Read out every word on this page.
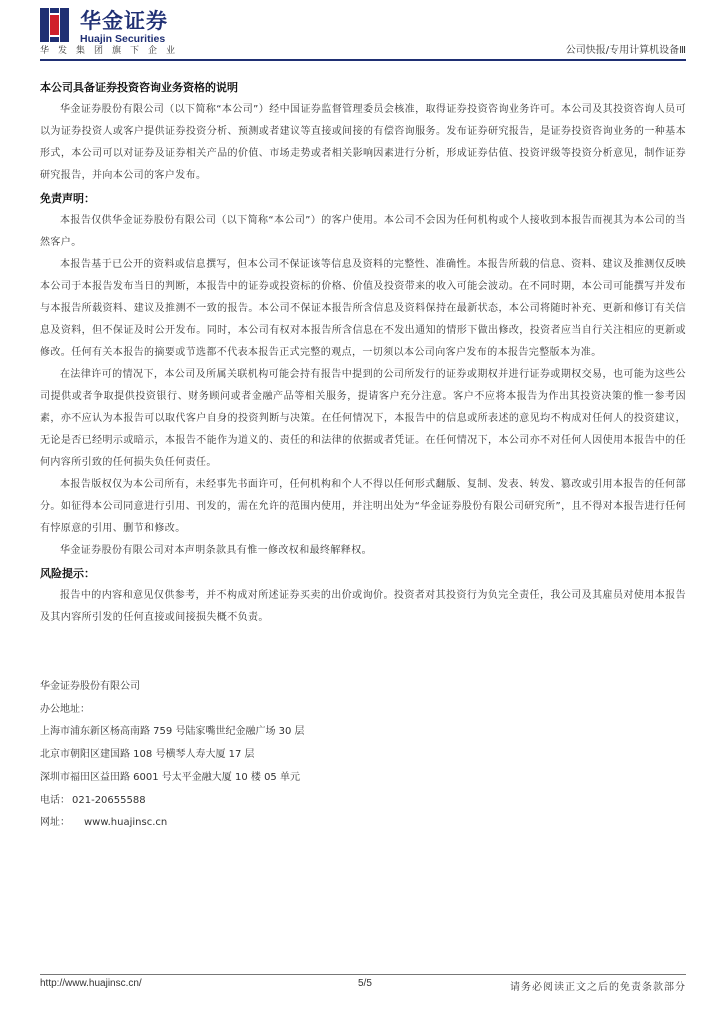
华金证券
Huajin Securities
华发集团旗下企业	公司快报/专用计算机设备Ⅲ
本公司具备证券投资咨询业务资格的说明

华金证券股份有限公司（以下简称“本公司”）经中国证券监督管理委员会核准，取得证券投资咨询业务许可。本公司及其投资咨询人员可以为证券投资人或客户提供证券投资分析、预测或者建议等直接或间接的有偿咨询服务。发布证券研究报告，是证券投资咨询业务的一种基本形式，本公司可以对证券及证券相关产品的价值、市场走势或者相关影响因素进行分析，形成证券估值、投资评级等投资分析意见，制作证券研究报告，并向本公司的客户发布。

免责声明：

本报告仅供华金证券股份有限公司（以下简称“本公司”）的客户使用。本公司不会因为任何机构或个人接收到本报告而视其为本公司的当然客户。

本报告基于已公开的资料或信息撰写，但本公司不保证该等信息及资料的完整性、准确性。本报告所载的信息、资料、建议及推测仅反映本公司于本报告发布当日的判断，本报告中的证券或投资标的价格、价值及投资带来的收入可能会波动。在不同时期，本公司可能撰写并发布与本报告所载资料、建议及推测不一致的报告。本公司不保证本报告所含信息及资料保持在最新状态，本公司将随时补充、更新和修订有关信息及资料，但不保证及时公开发布。同时，本公司有权对本报告所含信息在不发出通知的情形下做出修改，投资者应当自行关注相应的更新或修改。任何有关本报告的摘要或节选都不代表本报告正式完整的观点，一切须以本公司向客户发布的本报告完整版本为准。

在法律许可的情况下，本公司及所属关联机构可能会持有报告中提到的公司所发行的证券或期权并进行证券或期权交易，也可能为这些公司提供或者争取提供投资银行、财务顾问或者金融产品等相关服务，提请客户充分注意。客户不应将本报告为作出其投资决策的惟一参考因素，亦不应认为本报告可以取代客户自身的投资判断与决策。在任何情况下，本报告中的信息或所表述的意见均不构成对任何人的投资建议，无论是否已经明示或暗示，本报告不能作为道义的、责任的和法律的依据或者凭证。在任何情况下，本公司亦不对任何人因使用本报告中的任何内容所引致的任何损失负任何责任。

本报告版权仅为本公司所有，未经事先书面许可，任何机构和个人不得以任何形式翻版、复制、发表、转发、篡改或引用本报告的任何部分。如征得本公司同意进行引用、刊发的，需在允许的范围内使用，并注明出处为“华金证券股份有限公司研究所”，且不得对本报告进行任何有悖原意的引用、删节和修改。

华金证券股份有限公司对本声明条款具有惟一修改权和最终解释权。

风险提示：

报告中的内容和意见仅供参考，并不构成对所述证券买卖的出价或询价。投资者对其投资行为负完全责任，我公司及其雇员对使用本报告及其内容所引发的任何直接或间接损失概不负责。

华金证券股份有限公司
办公地址：
上海市浦东新区杨高南路 759 号陆家嘴世纪金融广场 30 层
北京市朝阳区建国路 108 号横琴人寿大厦 17 层
深圳市福田区益田路 6001 号太平金融大厦 10 楼 05 单元
电话： 021-20655588
网址： www.huajinsc.cn
http://www.huajinsc.cn/	5/5	请务必阅读正文之后的免责条款部分
